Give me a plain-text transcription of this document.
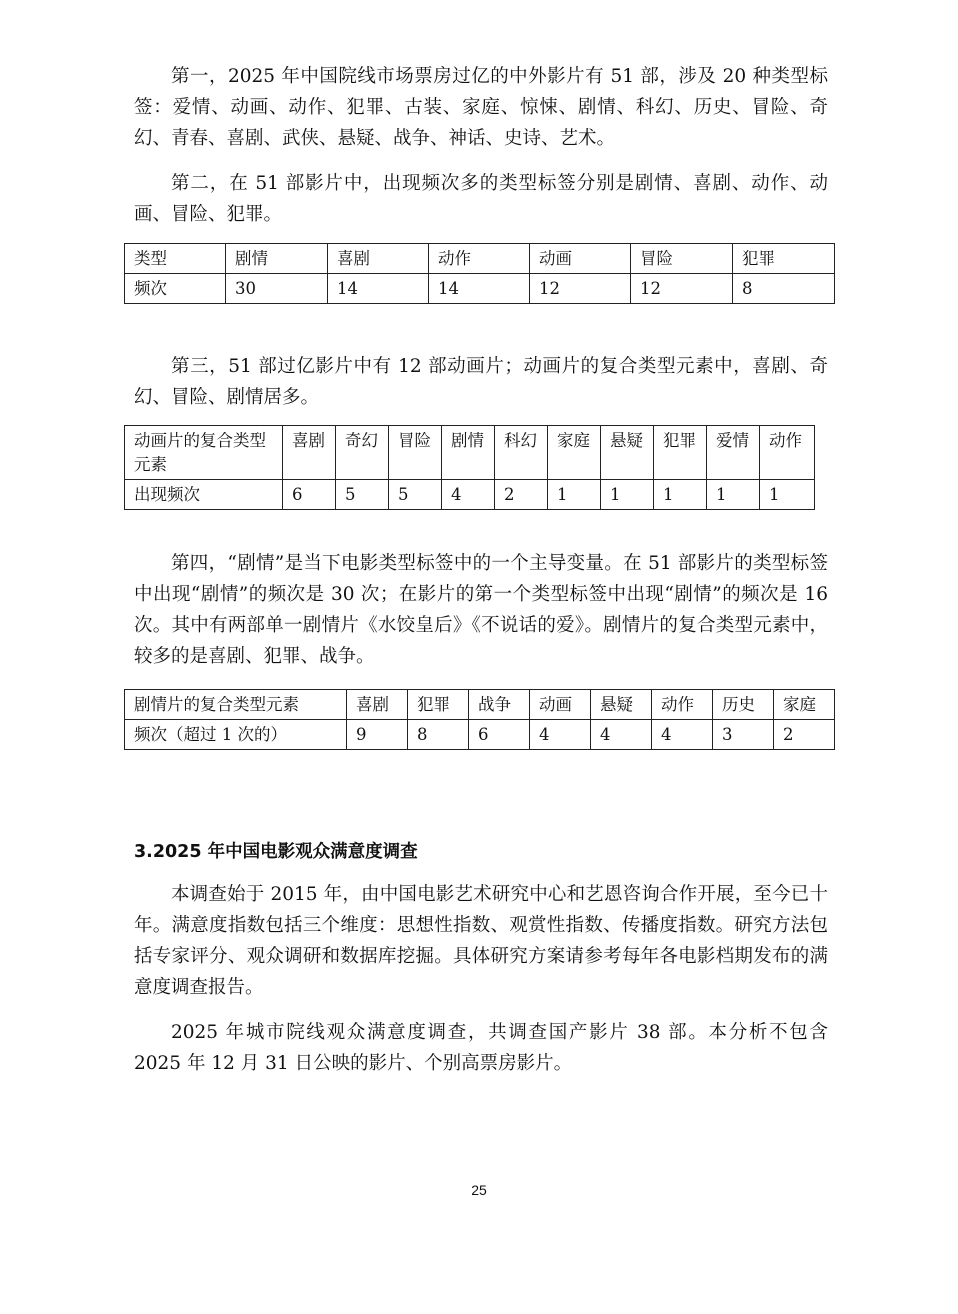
第一，2025 年中国院线市场票房过亿的中外影片有 51 部，涉及 20 种类型标签：爱情、动画、动作、犯罪、古装、家庭、惊悚、剧情、科幻、历史、冒险、奇幻、青春、喜剧、武侠、悬疑、战争、神话、史诗、艺术。

第二，在 51 部影片中，出现频次多的类型标签分别是剧情、喜剧、动作、动画、冒险、犯罪。

类型	剧情	喜剧	动作	动画	冒险	犯罪
频次	30	14	14	12	12	8

第三，51 部过亿影片中有 12 部动画片；动画片的复合类型元素中，喜剧、奇幻、冒险、剧情居多。

动画片的复合类型元素	喜剧	奇幻	冒险	剧情	科幻	家庭	悬疑	犯罪	爱情	动作
出现频次	6	5	5	4	2	1	1	1	1	1

第四，“剧情”是当下电影类型标签中的一个主导变量。在 51 部影片的类型标签中出现“剧情”的频次是 30 次；在影片的第一个类型标签中出现“剧情”的频次是 16 次。其中有两部单一剧情片《水饺皇后》《不说话的爱》。剧情片的复合类型元素中，较多的是喜剧、犯罪、战争。

剧情片的复合类型元素	喜剧	犯罪	战争	动画	悬疑	动作	历史	家庭
频次（超过 1 次的）	9	8	6	4	4	4	3	2
3.2025 年中国电影观众满意度调查

本调查始于 2015 年，由中国电影艺术研究中心和艺恩咨询合作开展，至今已十年。满意度指数包括三个维度：思想性指数、观赏性指数、传播度指数。研究方法包括专家评分、观众调研和数据库挖掘。具体研究方案请参考每年各电影档期发布的满意度调查报告。

2025 年城市院线观众满意度调查，共调查国产影片 38 部。本分析不包含 2025 年 12 月 31 日公映的影片、个别高票房影片。

25
